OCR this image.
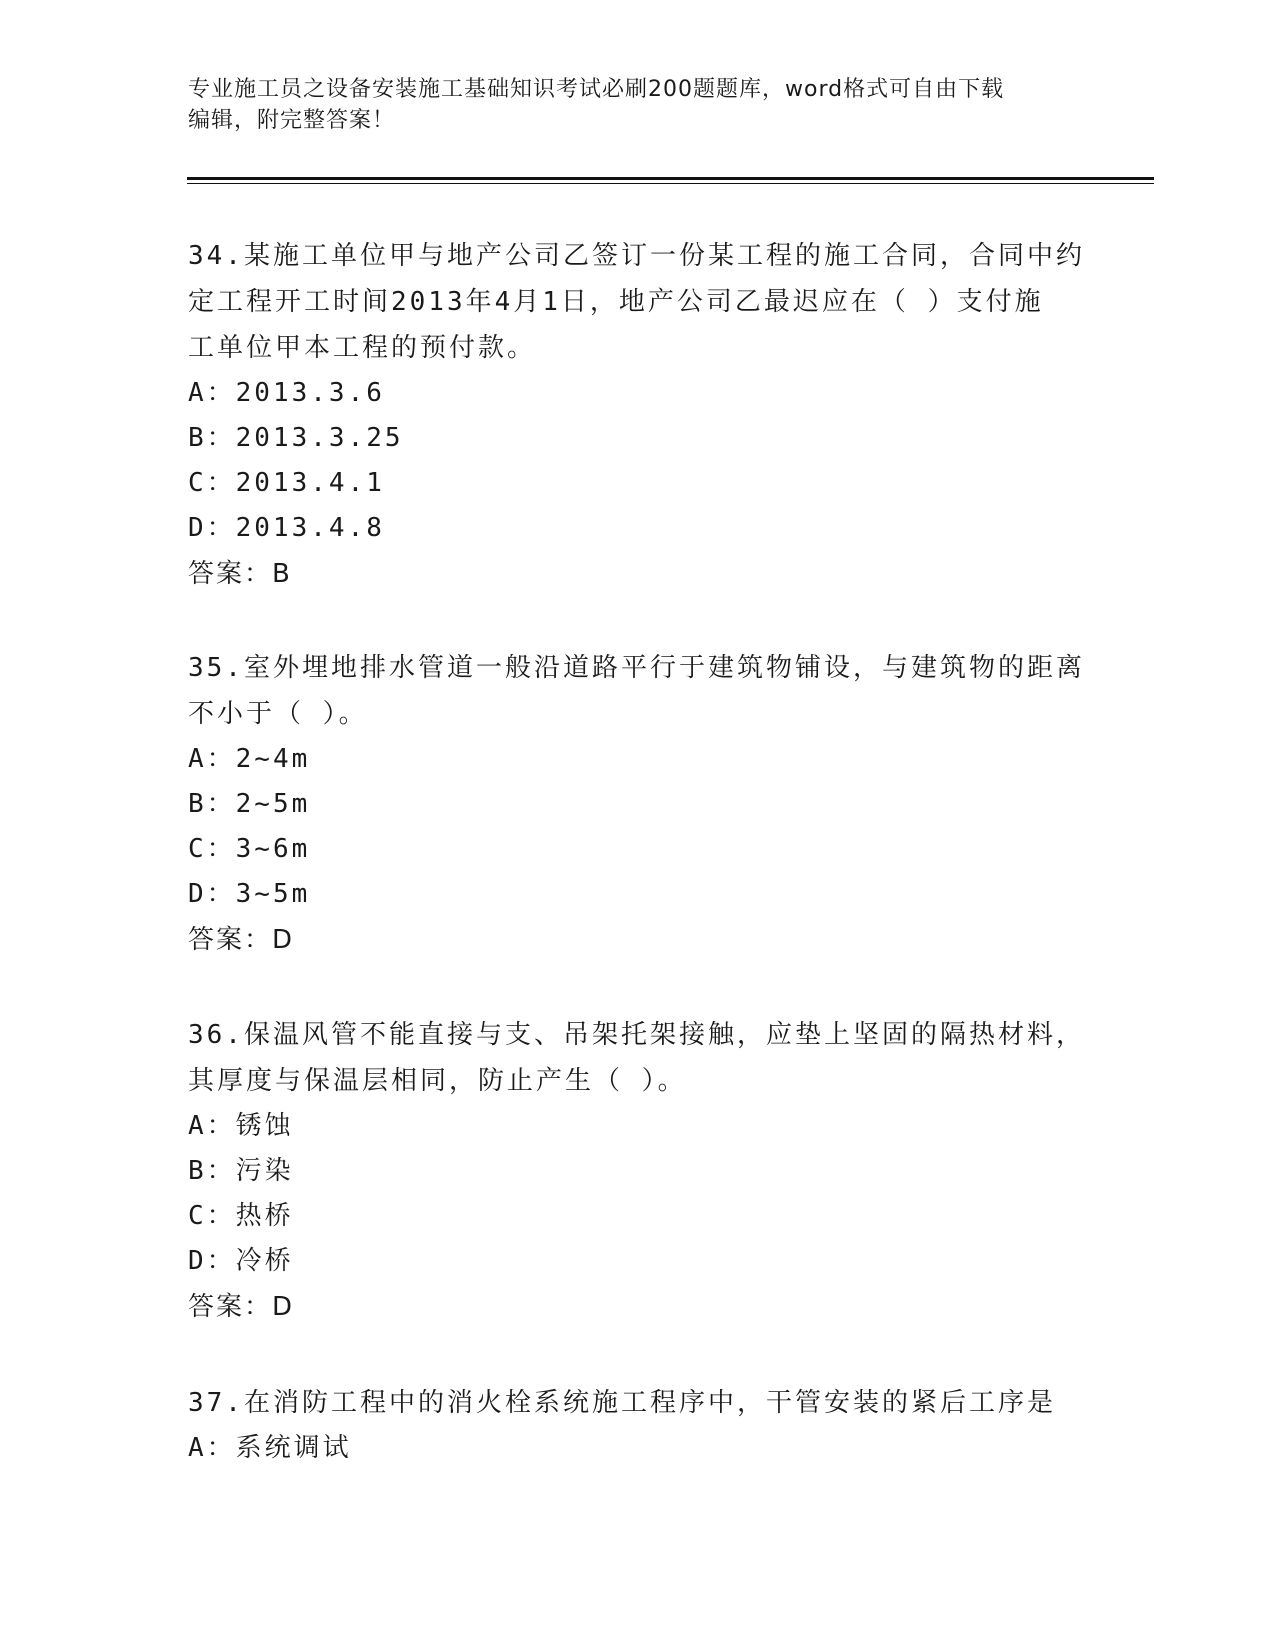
专业施工员之设备安装施工基础知识考试必刷200题题库，word格式可自由下载
编辑，附完整答案！

34.某施工单位甲与地产公司乙签订一份某工程的施工合同，合同中约

定工程开工时间2013年4月1日，地产公司乙最迟应在（ ）支付施

工单位甲本工程的预付款。

A：2013.3.6

B：2013.3.25

C：2013.4.1

D：2013.4.8

答案：B

35.室外埋地排水管道一般沿道路平行于建筑物铺设，与建筑物的距离

不小于（ ）。

A：2~4m

B：2~5m

C：3~6m

D：3~5m

答案：D

36.保温风管不能直接与支、吊架托架接触，应垫上坚固的隔热材料，

其厚度与保温层相同，防止产生（ ）。

A：锈蚀

B：污染

C：热桥

D：冷桥

答案：D

37.在消防工程中的消火栓系统施工程序中，干管安装的紧后工序是

A：系统调试
